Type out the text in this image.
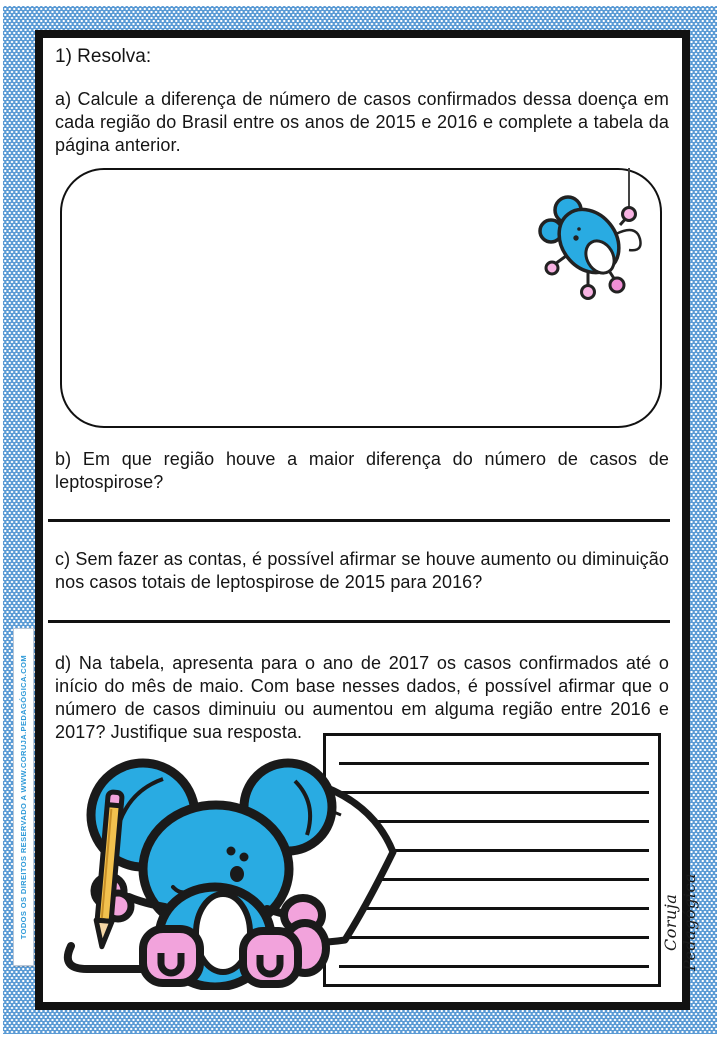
TODOS OS DIREITOS RESERVADO A WWW.CORUJA.PEDAGÓGICA.COM
1) Resolva:
a) Calcule a diferença de número de casos confirmados dessa doença em cada região do Brasil entre os anos de 2015 e 2016 e complete a tabela da página anterior.
b) Em que região houve a maior diferença do número de casos de leptospirose?
c) Sem fazer as contas, é possível afirmar se houve aumento ou diminuição nos casos totais de leptospirose de 2015 para 2016?
d) Na tabela, apresenta para o ano de 2017 os casos confirmados até o início do mês de maio. Com base nesses dados, é possível afirmar que o número de casos diminuiu ou aumentou em alguma região entre 2016 e 2017? Justifique sua resposta.
Coruja Pedagógica
